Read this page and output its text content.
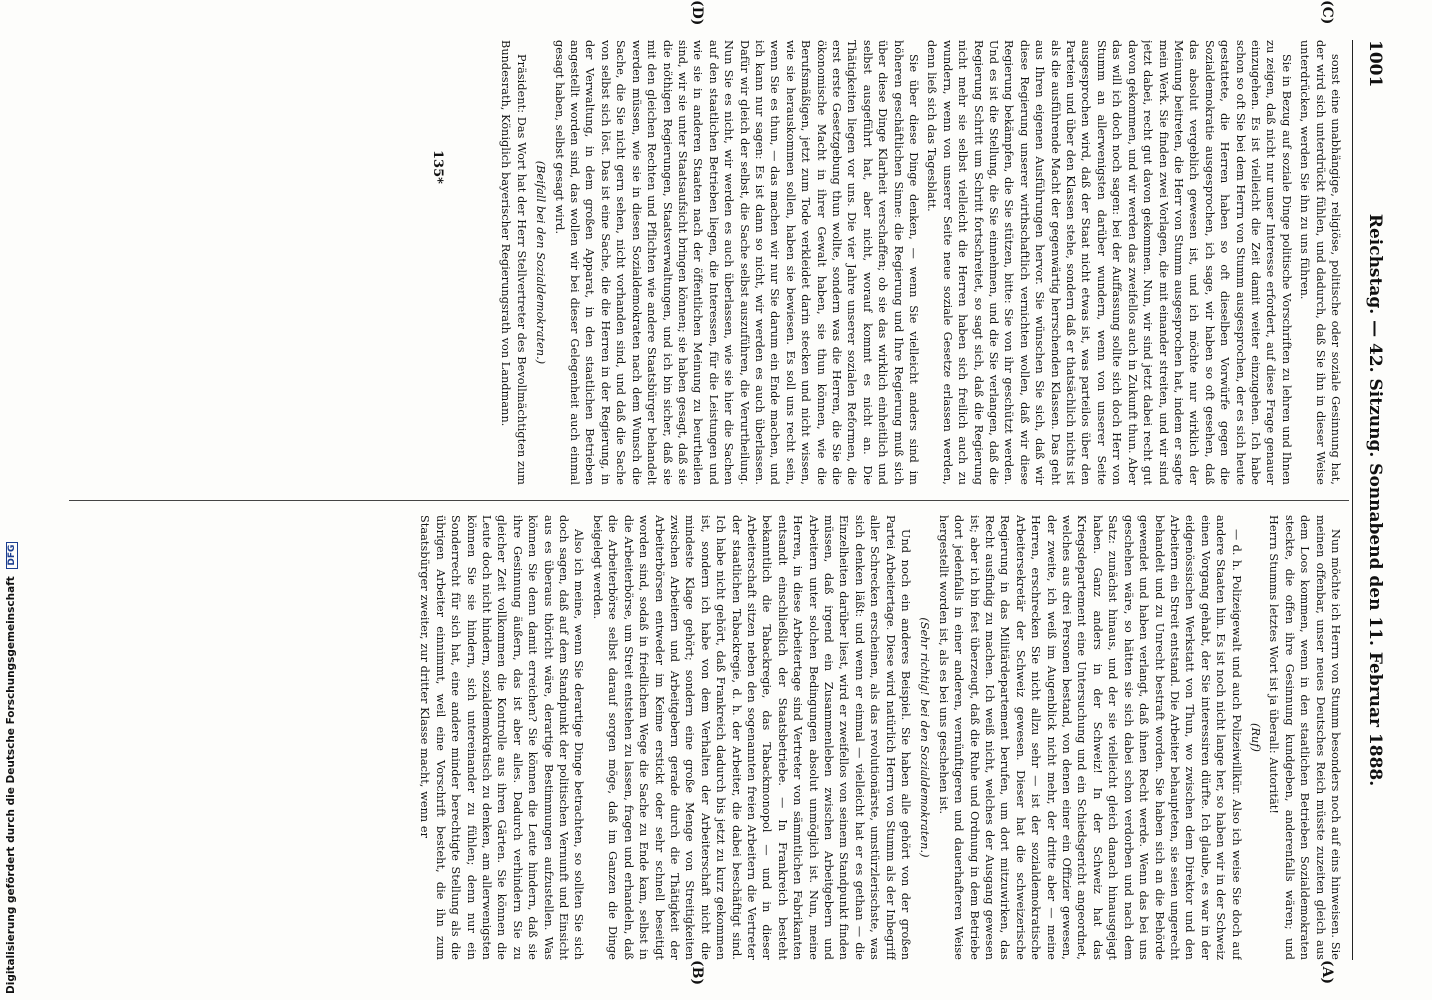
1001
Reichstag. — 42. Sitzung. Sonnabend den 11. Februar 1888.
(C)
(D)
(A)
(B)

sonst eine unabhängige, religiöse, politische oder soziale Gesinnung hat, der wird sich unterdrückt fühlen, und dadurch, daß Sie ihn in dieser Weise unterdrücken, werden Sie ihn zu uns führen.

Sie in Bezug auf soziale Dinge politische Vorschriften zu lehren und Ihnen zu zeigen, daß nicht nur unser Interesse erfordert, auf diese Frage genauer einzugehen. Es ist vielleicht die Zeit damit weiter einzugehen. Ich habe schon so oft Sie bei dem Herrn von Stumm ausgesprochen, der es sich heute gestattete, die Herren haben so oft dieselben Vorwürfe gegen die Sozialdemokratie ausgesprochen, ich sage, wir haben so oft gesehen, daß das absolut vergeblich gewesen ist, und ich möchte nur wirklich der Meinung beitreten, die Herr von Stumm ausgesprochen hat, indem er sagte mein Werk. Sie finden zwei Vorlagen, die mit einander streiten, und wir sind jetzt dabei, recht gut davon gekommen. Nun, wir sind jetzt dabei recht gut davon gekommen, und wir werden das zweifellos auch in Zukunft thun. Aber das will ich doch noch sagen: bei der Auffassung sollte sich doch Herr von Stumm an allerwenigsten darüber wundern, wenn von unserer Seite ausgesprochen wird, daß der Staat nicht etwas ist, was parteilos über den Parteien und über den Klassen stehe, sondern daß er thatsächlich nichts ist als die ausführende Macht der gegenwärtig herrschenden Klassen. Das geht aus Ihren eigenen Ausführungen hervor. Sie wünschen Sie sich, daß wir diese Regierung unserer wirthschaftlich vernichten wollen, daß wir diese Regierung bekämpfen, die Sie stützen, bitte: Sie von ihr geschützt werden. Und es ist die Stellung, die Sie einnehmen, und die Sie verlangen, daß die Regierung Schritt um Schritt fortschreitet, so sagt sich, daß die Regierung nicht mehr sie selbst vielleicht die Herren haben sich freilich auch zu wundern, wenn von unserer Seite neue soziale Gesetze erlassen werden, denn ließ sich das Tagesblatt.

Sie über diese Dinge denken, — wenn Sie vielleicht anders sind im höheren geschäftlichen Sinne: die Regierung und Ihre Regierung muß sich über diese Dinge Klarheit verschaffen; ob sie das wirklich einheitlich und selbst ausgeführt hat, aber nicht, worauf kommt es nicht an. Die Thätigkeiten liegen vor uns. Die vier Jahre unserer sozialen Reformen, die erst erste Gesetzgebung thun wollte, sondern was die Herren, die Sie die ökonomische Macht in ihrer Gewalt haben, sie thun können, wie die Berufsmäßigen, jetzt zum Tode verkleidet darin stecken und nicht wissen, wie sie herauskommen sollen, haben sie bewiesen. Es soll uns recht sein, wenn Sie es thun, — das machen wir nur Sie darum ein Ende machen, und ich kann nur sagen: Es ist dann so nicht, wir werden es auch überlassen. Dafür wir gleich der selbst, die Sache selbst auszuführen, die Verurtheilung. Nun Sie es nicht, wir werden es auch überlassen, wie sie hier die Sachen auf den staatlichen Betrieben liegen, die Interessen, für die Leistungen und wie sie in anderen Staaten nach der öffentlichen Meinung zu beurtheilen sind, wir sie unter Staatsaufsicht bringen können; sie haben gesagt, daß sie die nöthigen Regierungen, Staatsverwaltungen, und ich bin sicher, daß sie mit den gleichen Rechten und Pflichten wie andere Staatsbürger behandelt werden müssen, wie sie in diesen Sozialdemokraten nach dem Wunsch die Sache, die Sie nicht gern sehen, nicht vorhanden sind, und daß die Sache von selbst sich löst. Das ist eine Sache, die die Herren in der Regierung, in der Verwaltung, in dem großen Apparat, in den staatlichen Betrieben angestellt worden sind, das wollen wir bei dieser Gelegenheit auch einmal gesagt haben, selbst gesagt wird.

(Beifall bei den Sozialdemokraten.)

Präsident: Das Wort hat der Herr Stellvertreter des Bevollmächtigten zum Bundesrath, Königlich bayerischer Regierungsrath von Landmann.

Nun möchte ich Herrn von Stumm besonders noch auf eins hinweisen. Sie meinen offenbar, unser neues Deutsches Reich müsste zuzeiten gleich aus dem Loos kommen, wenn in den staatlichen Betrieben Sozialdemokraten steckte, die offen ihre Gesinnung kundgeben, anderenfalls wären; und Herrn Stumms letztes Wort ist ja überall: Autorität!

(Ruf)

— d. h. Polizeigewalt und auch Polizeiwillkür. Also ich weise Sie doch auf andere Staaten hin. Es ist noch nicht lange her, so haben wir in der Schweiz einen Vorgang gehabt, der Sie interessiren dürfte. Ich glaube, es war in der eidgenössischen Werkstatt von Thun, wo zwischen dem Direktor und den Arbeitern ein Streit entstand. Die Arbeiter behaupteten, sie seien ungerecht behandelt und zu Unrecht bestraft worden. Sie haben sich an die Behörde gewendet und haben verlangt, daß ihnen Recht werde. Wenn das bei uns geschehen wäre, so hätten sie sich dabei schon verdorben und nach dem Satz: zunächst hinaus, und der sie vielleicht gleich danach hinausgejagt haben. Ganz anders in der Schweiz! In der Schweiz hat das Kriegsdepartement eine Untersuchung und ein Schiedsgericht angeordnet, welches aus drei Personen bestand, von denen einer ein Offizier gewesen, der zweite, ich weiß im Augenblick nicht mehr, der dritte aber — meine Herren, erschrecken Sie nicht allzu sehr — ist der sozialdemokratische Arbeitersekretär der Schweiz gewesen. Dieser hat die schweizerische Regierung in das Militärdepartement berufen, um dort mitzuwirken, das Recht ausfindig zu machen. Ich weiß nicht, welches der Ausgang gewesen ist; aber ich bin fest überzeugt, daß die Ruhe und Ordnung in dem Betriebe dort jedenfalls in einer anderen, vernünftigeren und dauerhafteren Weise hergestellt worden ist, als es bei uns geschehen ist.

(Sehr richtig! bei den Sozialdemokraten.)

Und noch ein anderes Beispiel. Sie haben alle gehört von der großen Partei Arbeitertage. Diese wird natürlich Herrn von Stumm als der Inbegriff aller Schrecken erscheinen, als das revolutionärste, umstürzlerischste, was sich denken läßt: und wenn er einmal — vielleicht hat er es gethan — die Einzelheiten darüber liest, wird er zweifellos von seinem Standpunkt finden müssen, daß irgend ein Zusammenleben zwischen Arbeitgebern und Arbeitern unter solchen Bedingungen absolut unmöglich ist. Nun, meine Herren, in diese Arbeitertage sind Vertreter von sämmtlichen Fabrikanten entsandt einschließlich der Staatsbetriebe. — In Frankreich besteht bekanntlich die Tabackregie, das Tabackmonopol — und in dieser Arbeiterschaft sitzen neben den sogenannten freien Arbeitern die Vertreter der staatlichen Tabackregie, d. h. der Arbeiter, die dabei beschäftigt sind. Ich habe nicht gehört, daß Frankreich dadurch bis jetzt zu kurz gekommen ist, sondern ich habe von dem Verhalten der Arbeiterschaft nicht die mindeste Klage gehört; sondern eine große Menge von Streitigkeiten zwischen Arbeitern und Arbeitgebern gerade durch die Thätigkeit der Arbeiterbörsen entweder im Keime erstickt oder sehr schnell beseitigt worden sind, sodaß in friedlichem Wege die Sache zu Ende kam, selbst in die Arbeiterbörse, um Streit entstehen zu lassen, fragen und erhandeln, daß die Arbeiterbörse selbst darauf sorgen möge, daß im Ganzen die Dinge beigelegt werden.

Also ich meine, wenn Sie derartige Dinge betrachten, so sollten Sie sich doch sagen, daß auf dem Standpunkt der politischen Vernunft und Einsicht aus es überaus thöricht wäre, derartige Bestimmungen aufzustellen. Was können Sie denn damit erreichen? Sie können die Leute hindern, daß sie ihre Gesinnung äußern, das ist aber alles. Dadurch verhindern Sie zu gleicher Zeit vollkommen die Kontrolle aus ihren Gärten. Sie können die Leute doch nicht hindern, sozialdemokratisch zu denken, am allerwenigsten können Sie sie hindern, sich untereinander zu fühlen; denn nur ein Sonderrecht für sich hat, eine andere minder berechtigte Stellung als die übrigen Arbeiter einnimmt, weil eine Vorschrift besteht, die ihn zum Staatsbürger zweiter, zur dritter Klasse macht, wenn er

135*
Digitalisierung gefördert durch die Deutsche Forschungsgemeinschaft DFG
